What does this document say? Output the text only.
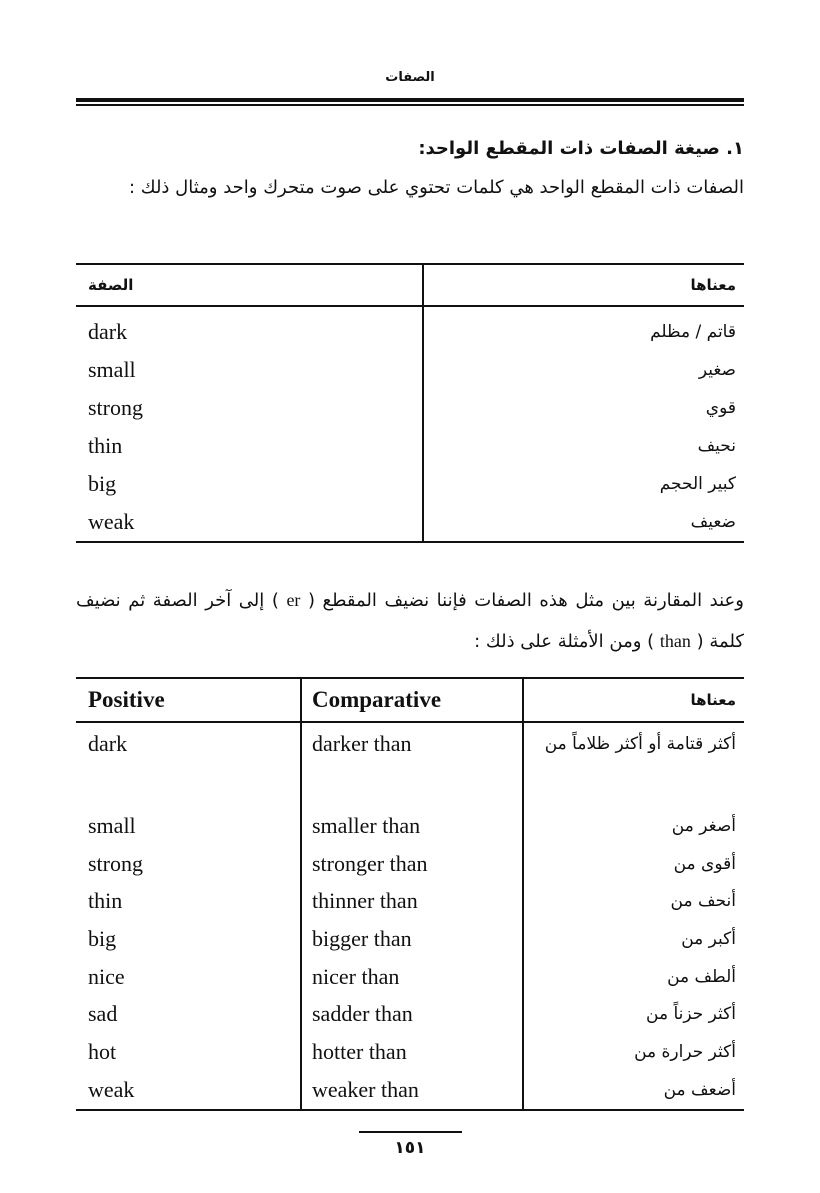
الصفات
١. صيغة الصفات ذات المقطع الواحد:
الصفات ذات المقطع الواحد هي كلمات تحتوي على صوت متحرك واحد ومثال ذلك :
الصفة	معناها
dark	قاتم / مظلم
small	صغير
strong	قوي
thin	نحيف
big	كبير الحجم
weak	ضعيف
وعند المقارنة بين مثل هذه الصفات فإننا نضيف المقطع ( er ) إلى آخر الصفة ثم نضيف كلمة ( than ) ومن الأمثلة على ذلك :
Positive	Comparative	معناها
dark	darker than	أكثر قتامة أو أكثر ظلاماً من
small	smaller than	أصغر من
strong	stronger than	أقوى من
thin	thinner than	أنحف من
big	bigger than	أكبر من
nice	nicer than	ألطف من
sad	sadder than	أكثر حزناً من
hot	hotter than	أكثر حرارة من
weak	weaker than	أضعف من
١٥١
